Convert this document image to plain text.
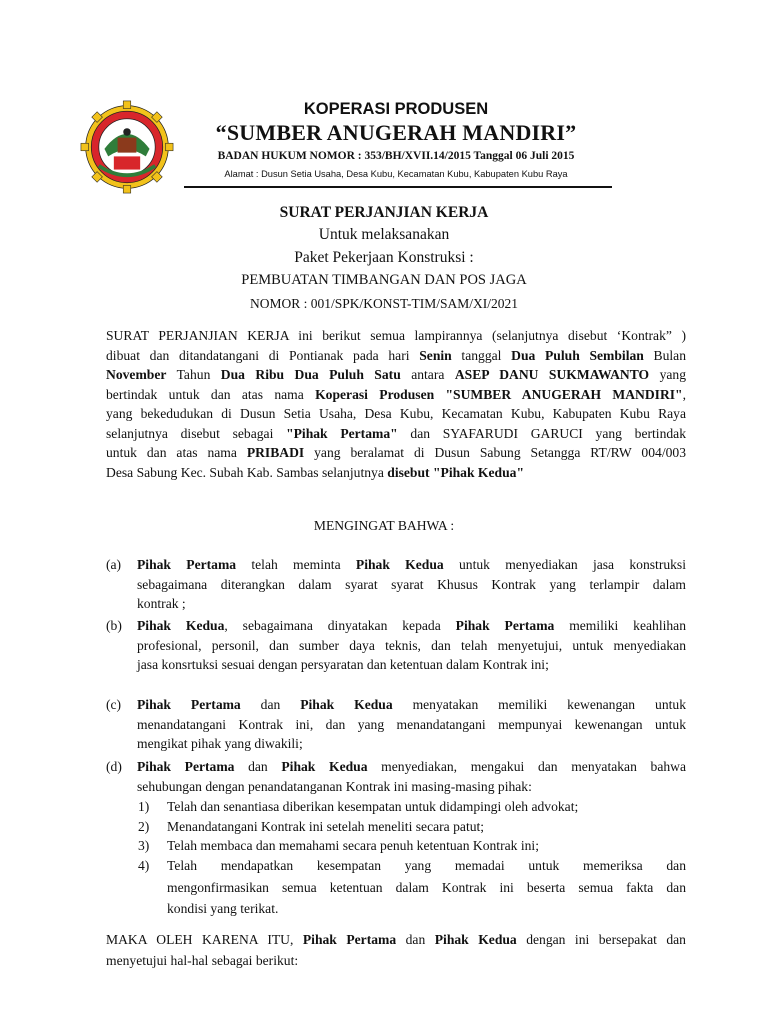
KOPERASI PRODUSEN
“SUMBER ANUGERAH MANDIRI”
BADAN HUKUM NOMOR : 353/BH/XVII.14/2015 Tanggal 06 Juli 2015
Alamat : Dusun Setia Usaha, Desa Kubu, Kecamatan Kubu, Kabupaten Kubu Raya
SURAT PERJANJIAN KERJA
Untuk melaksanakan
Paket Pekerjaan Konstruksi :
PEMBUATAN TIMBANGAN DAN POS JAGA
NOMOR : 001/SPK/KONST-TIM/SAM/XI/2021
SURAT PERJANJIAN KERJA ini berikut semua lampirannya (selanjutnya disebut ‘Kontrak” )
dibuat dan ditandatangani di Pontianak pada hari Senin tanggal Dua Puluh Sembilan Bulan
November Tahun Dua Ribu Dua Puluh Satu antara ASEP DANU SUKMAWANTO yang
bertindak untuk dan atas nama Koperasi Produsen "SUMBER ANUGERAH MANDIRI",
yang bekedudukan di Dusun Setia Usaha, Desa Kubu, Kecamatan Kubu, Kabupaten Kubu Raya
selanjutnya disebut sebagai "Pihak Pertama" dan SYAFARUDI GARUCI yang bertindak
untuk dan atas nama PRIBADI yang beralamat di Dusun Sabung Setangga RT/RW 004/003
Desa Sabung Kec. Subah Kab. Sambas selanjutnya disebut "Pihak Kedua"
MENGINGAT BAHWA :
(a) Pihak Pertama telah meminta Pihak Kedua untuk menyediakan jasa konstruksi
sebagaimana diterangkan dalam syarat syarat Khusus Kontrak yang terlampir dalam
kontrak ;
(b) Pihak Kedua, sebagaimana dinyatakan kepada Pihak Pertama memiliki keahlihan
profesional, personil, dan sumber daya teknis, dan telah menyetujui, untuk menyediakan
jasa konsrtuksi sesuai dengan persyaratan dan ketentuan dalam Kontrak ini;
(c) Pihak Pertama dan Pihak Kedua menyatakan memiliki kewenangan untuk
menandatangani Kontrak ini, dan yang menandatangani mempunyai kewenangan untuk
mengikat pihak yang diwakili;
(d) Pihak Pertama dan Pihak Kedua menyediakan, mengakui dan menyatakan bahwa
sehubungan dengan penandatanganan Kontrak ini masing-masing pihak:
1) Telah dan senantiasa diberikan kesempatan untuk didampingi oleh advokat;
2) Menandatangani Kontrak ini setelah meneliti secara patut;
3) Telah membaca dan memahami secara penuh ketentuan Kontrak ini;
4) Telah mendapatkan kesempatan yang memadai untuk memeriksa dan
mengonfirmasikan semua ketentuan dalam Kontrak ini beserta semua fakta dan
kondisi yang terikat.
MAKA OLEH KARENA ITU, Pihak Pertama dan Pihak Kedua dengan ini bersepakat dan
menyetujui hal-hal sebagai berikut:
